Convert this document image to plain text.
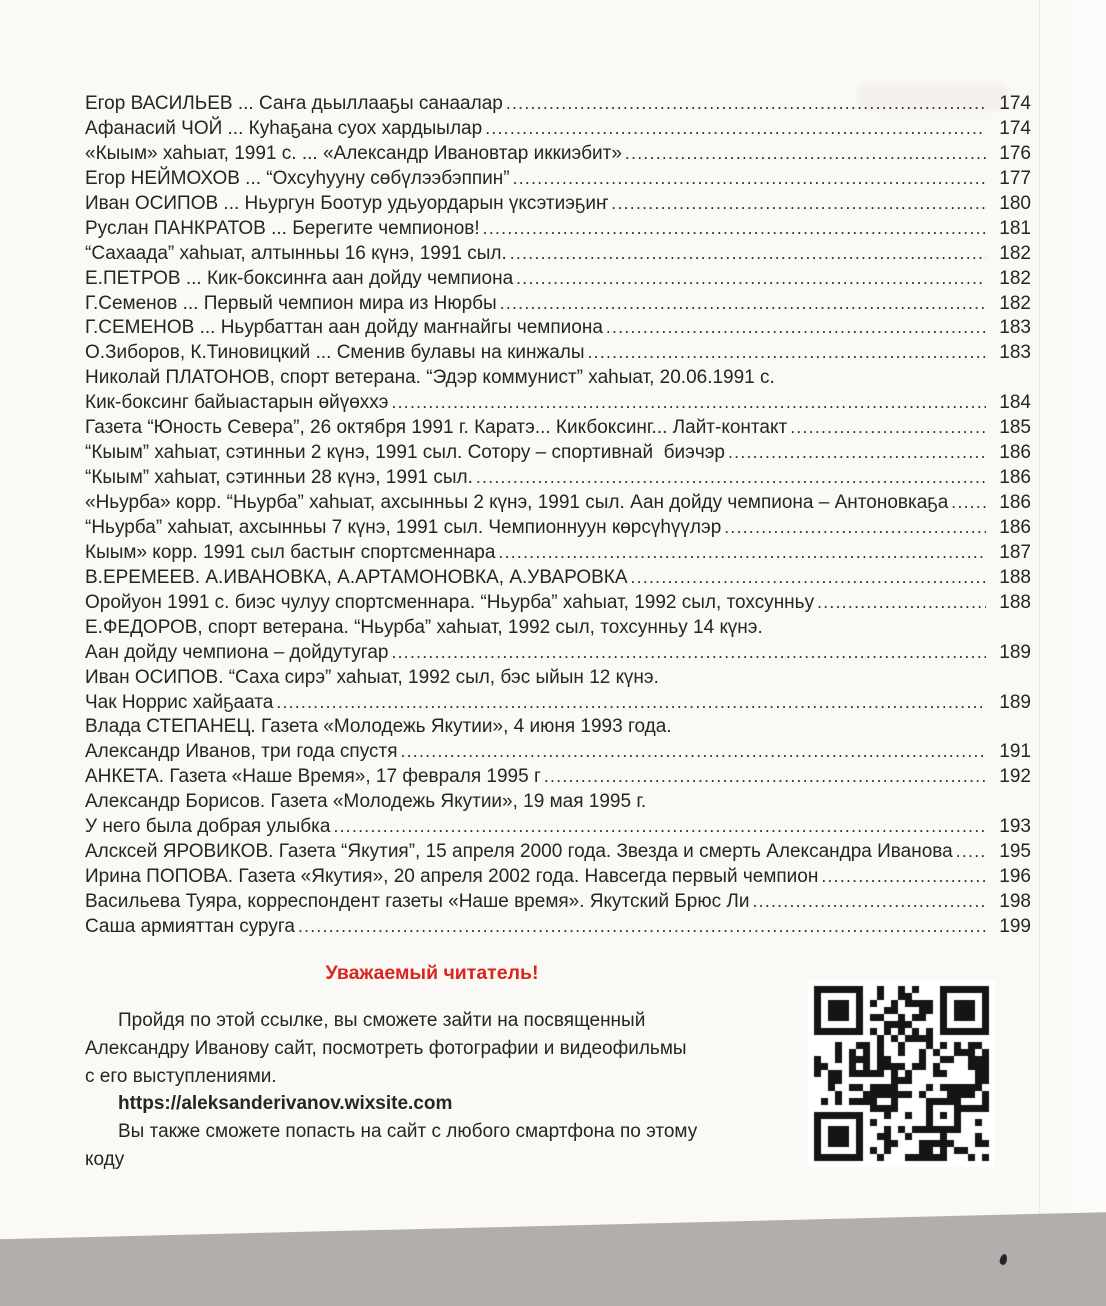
Егор ВАСИЛЬЕВ ... Саҥа дьыллааҕы санаалар .....	174
Афанасий ЧОЙ ... Куһаҕана суох хардыылар .....	174
«Кыым» хаһыат, 1991 с. ... «Александр Ивановтар иккиэбит» .....	176
Егор НЕЙМОХОВ ... “Охсуһууну сөбүлээбэппин” .....	177
Иван ОСИПОВ ... Ньургун Боотур удьуордарын үксэтиэҕиҥ .....	180
Руслан ПАНКРАТОВ ... Берегите чемпионов! .....	181
“Сахаада” хаһыат, алтынньы 16 күнэ, 1991 сыл. .....	182
Е.ПЕТРОВ ... Кик-боксинҥа аан дойду чемпиона .....	182
Г.Семенов ... Первый чемпион мира из Нюрбы .....	182
Г.СЕМЕНОВ ... Ньурбаттан аан дойду маҥнайгы чемпиона .....	183
О.Зиборов, К.Тиновицкий ... Сменив булавы на кинжалы .....	183
Николай ПЛАТОНОВ, спорт ветерана. “Эдэр коммунист” хаһыат, 20.06.1991 с.
Кик-боксинг байыастарын өйүөххэ .....	184
Газета “Юность Севера”, 26 октября 1991 г. Каратэ... Кикбоксинг... Лайт-контакт .....	185
“Кыым” хаһыат, сэтинньи 2 күнэ, 1991 сыл. Сотору – спортивнай  биэчэр .....	186
“Кыым” хаһыат, сэтинньи 28 күнэ, 1991 сыл. .....	186
«Ньурба» корр. “Ньурба” хаһыат, ахсынньы 2 күнэ, 1991 сыл. Аан дойду чемпиона – Антоновкаҕа .....	186
“Ньурба” хаһыат, ахсынньы 7 күнэ, 1991 сыл. Чемпионнуун көрсүһүүлэр .....	186
Кыым» корр. 1991 сыл бастыҥ спортсменнара .....	187
В.ЕРЕМЕЕВ. А.ИВАНОВКА, А.АРТАМОНОВКА, А.УВАРОВКА .....	188
Оройуон 1991 с. биэс чулуу спортсменнара. “Ньурба” хаһыат, 1992 сыл, тохсунньу .....	188
Е.ФЕДОРОВ, спорт ветерана. “Ньурба” хаһыат, 1992 сыл, тохсунньу 14 күнэ.
Аан дойду чемпиона – дойдутугар .....	189
Иван ОСИПОВ. “Саха сирэ” хаһыат, 1992 сыл, бэс ыйын 12 күнэ.
Чак Норрис хайҕаата .....	189
Влада СТЕПАНЕЦ. Газета «Молодежь Якутии», 4 июня 1993 года.
Александр Иванов, три года спустя .....	191
АНКЕТА. Газета «Наше Время», 17 февраля 1995 г .....	192
Александр Борисов. Газета «Молодежь Якутии», 19 мая 1995 г.
У него была добрая улыбка .....	193
Алсксей ЯРОВИКОВ. Газета “Якутия”, 15 апреля 2000 года. Звезда и смерть Александра Иванова .....	195
Ирина ПОПОВА. Газета «Якутия», 20 апреля 2002 года. Навсегда первый чемпион .....	196
Васильева Туяра, корреспондент газеты «Наше время». Якутский Брюс Ли .....	198
Саша армияттан суруга .....	199
Уважаемый читатель!
Пройдя по этой ссылке, вы сможете зайти на посвященный
Александру Иванову сайт, посмотреть фотографии и видеофильмы
с его выступлениями.
https://aleksanderivanov.wixsite.com
Вы также сможете попасть на сайт с любого смартфона по этому
коду
